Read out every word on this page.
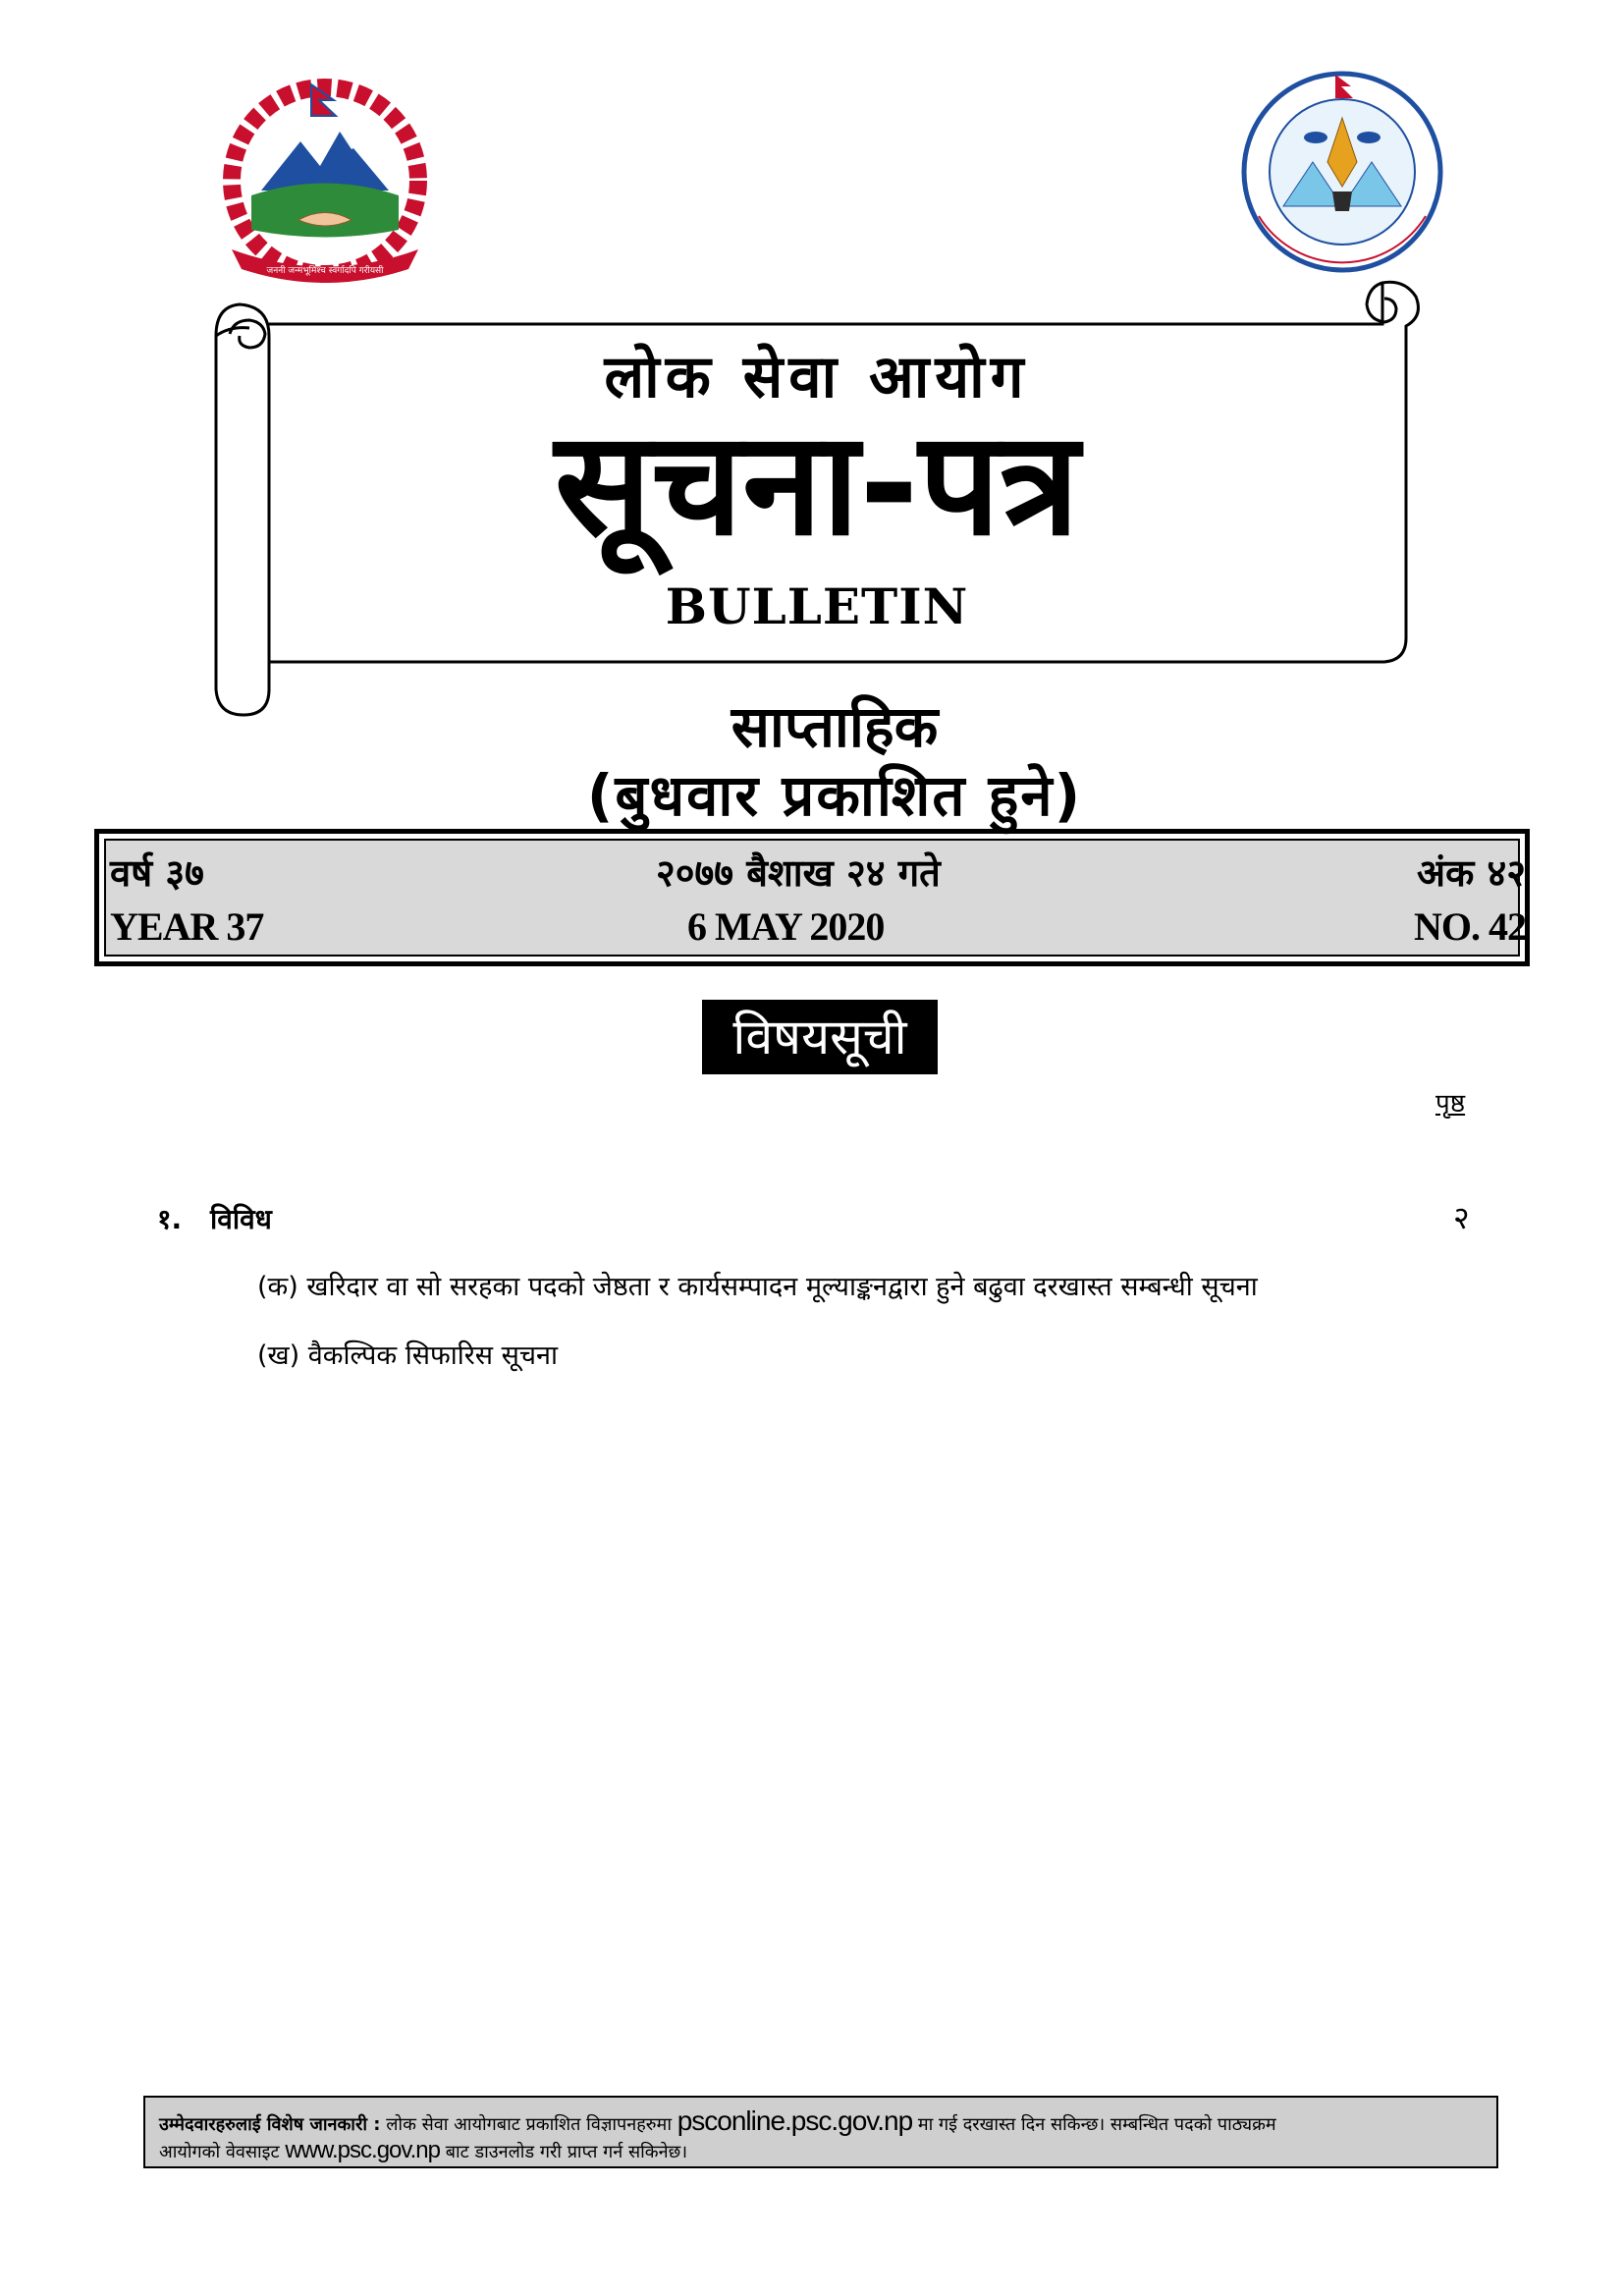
जननी जन्मभूमिश्च स्वर्गादपि गरीयसी
लोक सेवा आयोग
सूचना-पत्र
BULLETIN
साप्ताहिक
(बुधवार प्रकाशित हुने)
वर्ष ३७	२०७७ बैशाख २४ गते	अंक ४२
YEAR 37	6 MAY 2020	NO. 42
विषयसूची
पृष्ठ
१. विविध	२
(क) खरिदार वा सो सरहका पदको जेष्ठता र कार्यसम्पादन मूल्याङ्कनद्वारा हुने बढुवा दरखास्त सम्बन्धी सूचना
(ख) वैकल्पिक सिफारिस सूचना
उम्मेदवारहरुलाई विशेष जानकारी : लोक सेवा आयोगबाट प्रकाशित विज्ञापनहरुमा psconline.psc.gov.np मा गई दरखास्त दिन सकिन्छ। सम्बन्धित पदको पाठ्यक्रम
आयोगको वेवसाइट www.psc.gov.np बाट डाउनलोड गरी प्राप्त गर्न सकिनेछ।
